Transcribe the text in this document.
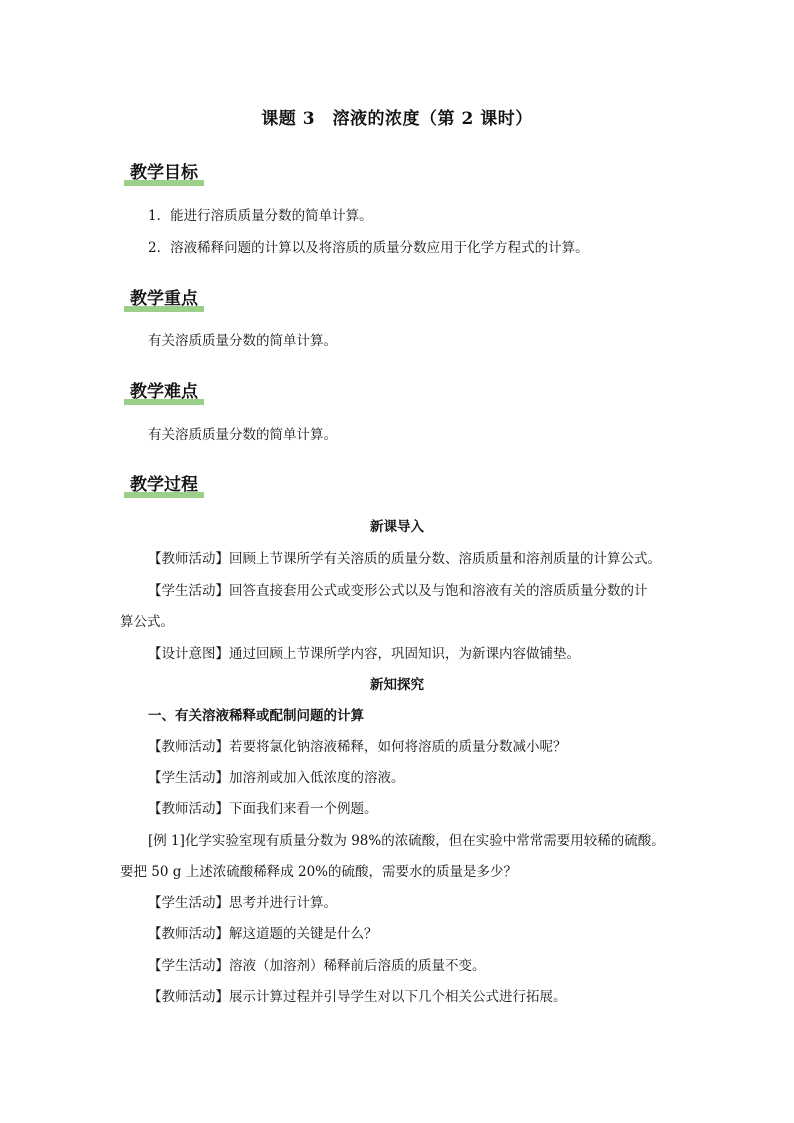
课题 3　溶液的浓度（第 2 课时）
教学目标
1．能进行溶质质量分数的简单计算。
2．溶液稀释问题的计算以及将溶质的质量分数应用于化学方程式的计算。
教学重点
有关溶质质量分数的简单计算。
教学难点
有关溶质质量分数的简单计算。
教学过程
新课导入
【教师活动】回顾上节课所学有关溶质的质量分数、溶质质量和溶剂质量的计算公式。
【学生活动】回答直接套用公式或变形公式以及与饱和溶液有关的溶质质量分数的计
算公式。
【设计意图】通过回顾上节课所学内容，巩固知识，为新课内容做铺垫。
新知探究
一、有关溶液稀释或配制问题的计算
【教师活动】若要将氯化钠溶液稀释，如何将溶质的质量分数减小呢？
【学生活动】加溶剂或加入低浓度的溶液。
【教师活动】下面我们来看一个例题。
[例 1]化学实验室现有质量分数为 98%的浓硫酸，但在实验中常常需要用较稀的硫酸。
要把 50 g 上述浓硫酸稀释成 20%的硫酸，需要水的质量是多少？
【学生活动】思考并进行计算。
【教师活动】解这道题的关键是什么？
【学生活动】溶液（加溶剂）稀释前后溶质的质量不变。
【教师活动】展示计算过程并引导学生对以下几个相关公式进行拓展。
